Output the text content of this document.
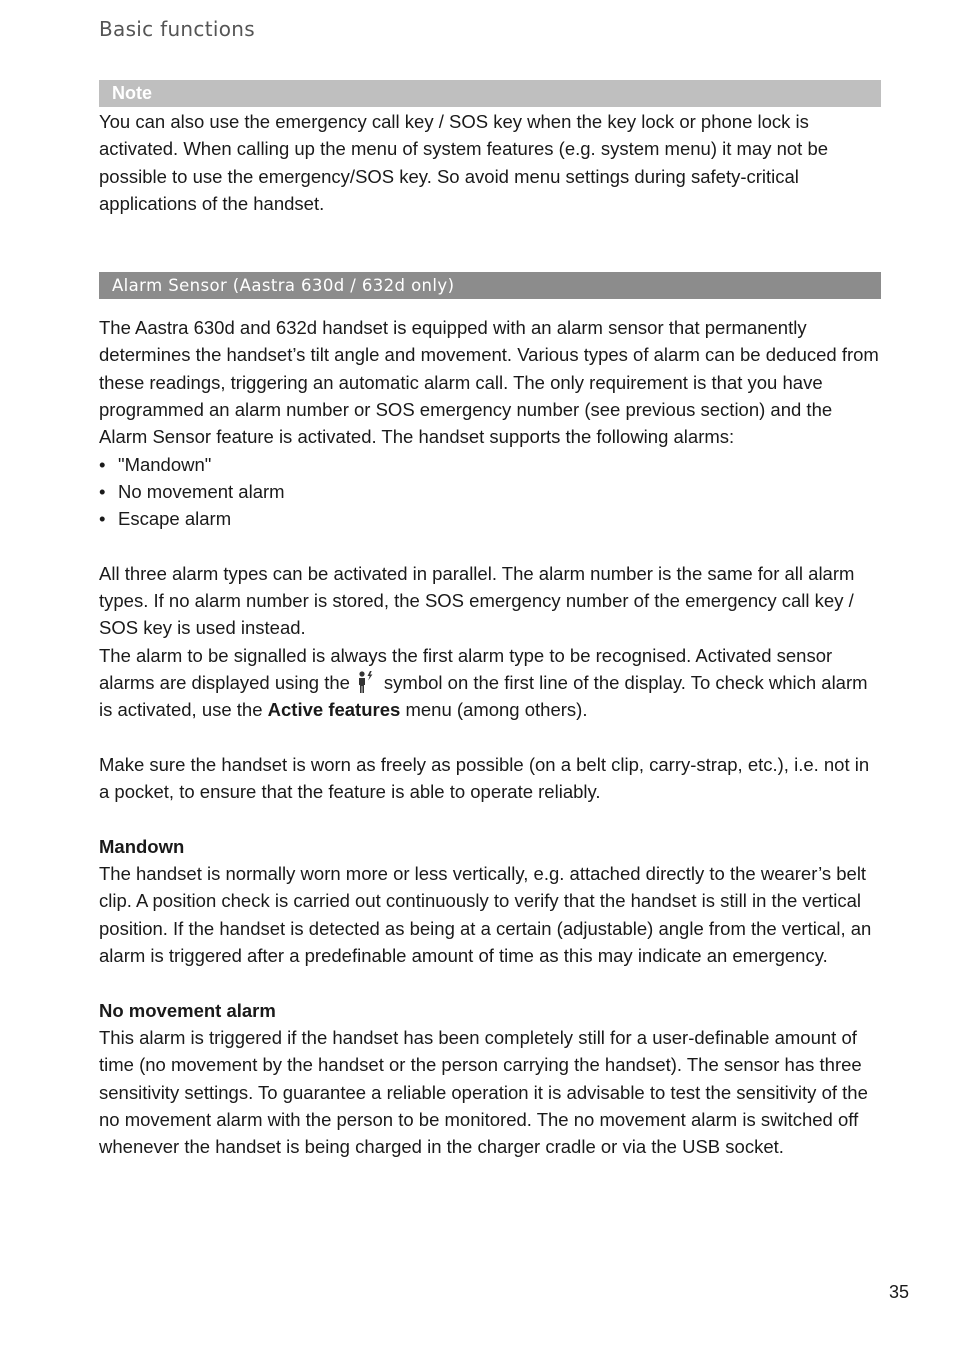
Basic functions
Note

You can also use the emergency call key / SOS key when the key lock or phone lock is activated. When calling up the menu of system features (e.g. system menu) it may not be possible to use the emergency/SOS key. So avoid menu settings during safety-critical applications of the handset.

Alarm Sensor (Aastra 630d / 632d only)

The Aastra 630d and 632d handset is equipped with an alarm sensor that permanently determines the handset’s tilt angle and movement. Various types of alarm can be deduced from these readings, triggering an automatic alarm call. The only requirement is that you have programmed an alarm number or SOS emergency number (see previous section) and the Alarm Sensor feature is activated. The handset supports the following alarms:

• "Mandown"
• No movement alarm
• Escape alarm

All three alarm types can be activated in parallel. The alarm number is the same for all alarm types. If no alarm number is stored, the SOS emergency number of the emergency call key / SOS key is used instead.

The alarm to be signalled is always the first alarm type to be recognised. Activated sensor alarms are displayed using the symbol on the first line of the display. To check which alarm is activated, use the Active features menu (among others).

Make sure the handset is worn as freely as possible (on a belt clip, carry-strap, etc.), i.e. not in a pocket, to ensure that the feature is able to operate reliably.

Mandown

The handset is normally worn more or less vertically, e.g. attached directly to the wearer’s belt clip. A position check is carried out continuously to verify that the handset is still in the vertical position. If the handset is detected as being at a certain (adjustable) angle from the vertical, an alarm is triggered after a predefinable amount of time as this may indicate an emergency.

No movement alarm

This alarm is triggered if the handset has been completely still for a user-definable amount of time (no movement by the handset or the person carrying the handset). The sensor has three sensitivity settings. To guarantee a reliable operation it is advisable to test the sensitivity of the no movement alarm with the person to be monitored. The no movement alarm is switched off whenever the handset is being charged in the charger cradle or via the USB socket.

35
